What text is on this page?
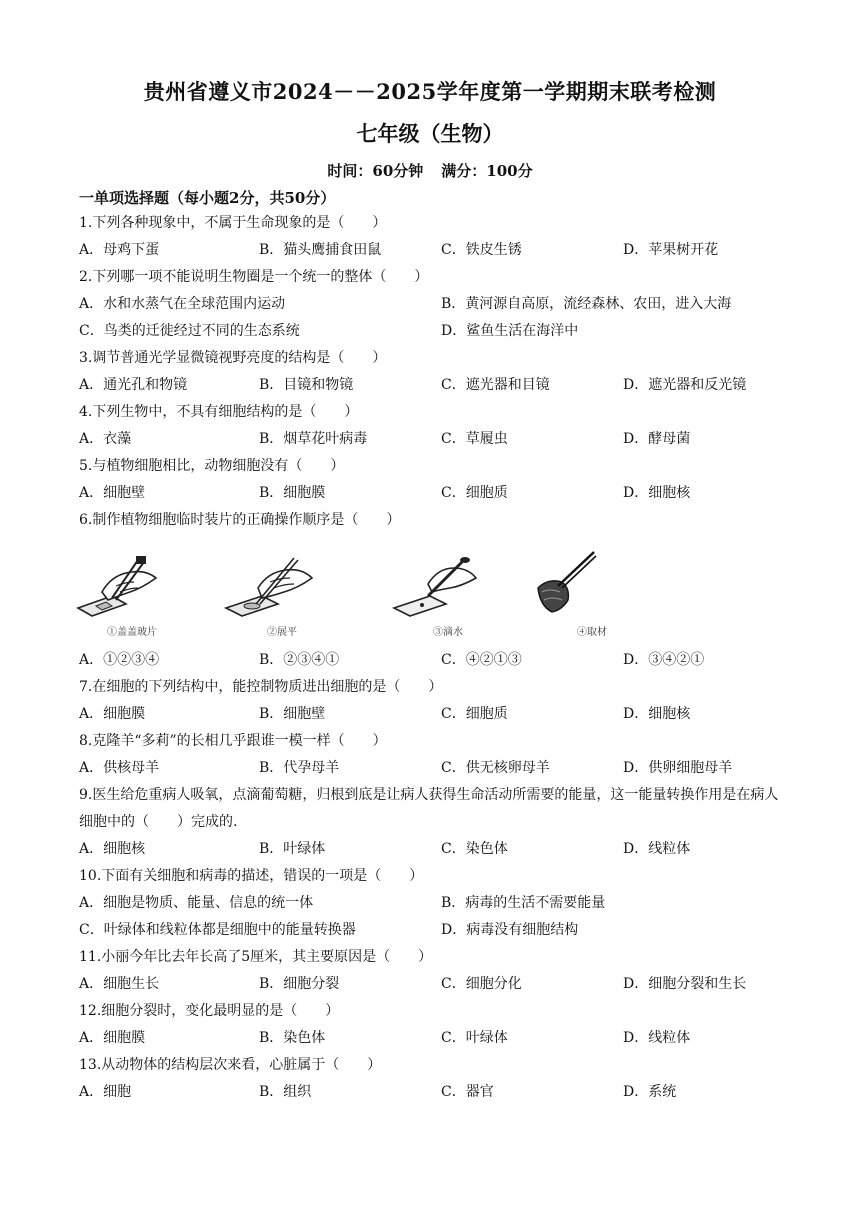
贵州省遵义市2024－－2025学年度第一学期期末联考检测
七年级（生物）
时间：60分钟 满分：100分
一单项选择题（每小题2分，共50分）
1.下列各种现象中，不属于生命现象的是（　　）
A．母鸡下蛋	B．猫头鹰捕食田鼠	C．铁皮生锈	D．苹果树开花
2.下列哪一项不能说明生物圈是一个统一的整体（　　）
A．水和水蒸气在全球范围内运动	B．黄河源自高原，流经森林、农田，进入大海
C．鸟类的迁徙经过不同的生态系统	D．鲨鱼生活在海洋中
3.调节普通光学显微镜视野亮度的结构是（　　）
A．通光孔和物镜	B．目镜和物镜	C．遮光器和目镜	D．遮光器和反光镜
4.下列生物中，不具有细胞结构的是（　　）
A．衣藻	B．烟草花叶病毒	C．草履虫	D．酵母菌
5.与植物细胞相比，动物细胞没有（　　）
A．细胞壁	B．细胞膜	C．细胞质	D．细胞核
6.制作植物细胞临时装片的正确操作顺序是（　　）
①盖盖玻片	②展平	③滴水	④取材
A．①②③④	B．②③④①	C．④②①③	D．③④②①
7.在细胞的下列结构中，能控制物质进出细胞的是（　　）
A．细胞膜	B．细胞壁	C．细胞质	D．细胞核
8.克隆羊“多莉”的长相几乎跟谁一模一样（　　）
A．供核母羊	B．代孕母羊	C．供无核卵母羊	D．供卵细胞母羊
9.医生给危重病人吸氧，点滴葡萄糖，归根到底是让病人获得生命活动所需要的能量，这一能量转换作用是在病人细胞中的（　　）完成的.
A．细胞核	B．叶绿体	C．染色体	D．线粒体
10.下面有关细胞和病毒的描述，错误的一项是（　　）
A．细胞是物质、能量、信息的统一体	B．病毒的生活不需要能量
C．叶绿体和线粒体都是细胞中的能量转换器	D．病毒没有细胞结构
11.小丽今年比去年长高了5厘米，其主要原因是（　　）
A．细胞生长	B．细胞分裂	C．细胞分化	D．细胞分裂和生长
12.细胞分裂时，变化最明显的是（　　）
A．细胞膜	B．染色体	C．叶绿体	D．线粒体
13.从动物体的结构层次来看，心脏属于（　　）
A．细胞	B．组织	C．器官	D．系统
